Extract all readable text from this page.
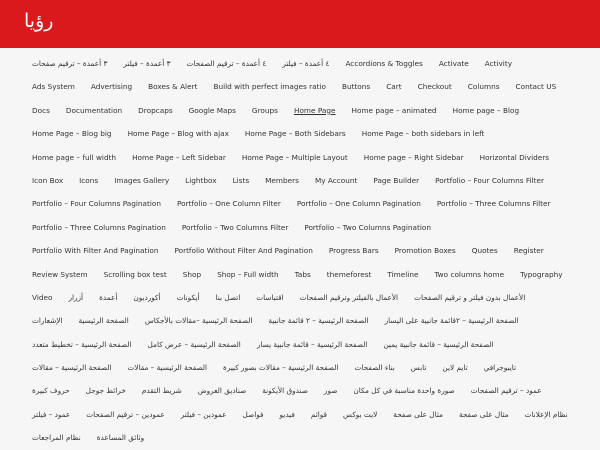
رؤيا
٣ أعمدة – ترقيم صفحات	٣ أعمدة – فيلتر	٤ أعمدة – ترقيم الصفحات	٤ أعمدة – فيلتر	Accordions & Toggles	Activate	Activity
Ads System	Advertising	Boxes & Alert	Build with perfect images ratio	Buttons	Cart	Checkout	Columns	Contact US
Docs	Documentation	Dropcaps	Google Maps	Groups	Home Page	Home page – animated	Home page – Blog
Home Page – Blog big	Home Page – Blog with ajax	Home Page – Both Sidebars	Home Page – both sidebars in left
Home page – full width	Home Page – Left Sidebar	Home Page – Multiple Layout	Home page – Right Sidebar	Horizontal Dividers
Icon Box	Icons	Images Gallery	Lightbox	Lists	Members	My Account	Page Builder	Portfolio – Four Columns Filter
Portfolio – Four Columns Pagination	Portfolio – One Column Filter	Portfolio – One Column Pagination	Portfolio – Three Columns Filter
Portfolio – Three Columns Pagination	Portfolio – Two Columns Filter	Portfolio – Two Columns Pagination
Portfolio With Filter And Pagination	Portfolio Without Filter And Pagination	Progress Bars	Promotion Boxes	Quotes	Register
Review System	Scrolling box test	Shop	Shop – Full width	Tabs	themeforest	Timeline	Two columns home	Typography
Video	أزرار	أعمدة	أكورديون	أيكونات	اتصل بنا	اقتباسات	الأعمال بالفيلتر وترقيم الصفحات	الأعمال بدون فيلتر و ترقيم الصفحات
الإشعارات	الصفحة الرئيسية	الصفحة الرئيسية –مقالات بالأجكاس	الصفحة الرئيسية – ٢ قائمة جانبية	الصفحة الرئيسية – ٢قائمة جانبية على اليسار
الصفحة الرئيسية – تخطيط متعدد	الصفحة الرئيسية – عرض كامل	الصفحة الرئيسية – قائمة جانبية يسار	الصفحة الرئيسية – قائمة جانبية يمين
الصفحة الرئيسية – مقالات	الصفحة الرئيسية – مقالات	الصفحة الرئيسية – مقالات بصور كبيرة	بناء الصفحات	تابس	تايم لاين	تايبوجرافي
حروف كبيرة	خرائط جوجل	شريط التقدم	صناديق العروض	صندوق الأيكونة	صور	صورة واحدة مناسبة في كل مكان	عمود – ترقيم الصفحات
عمود – فيلتر	عمودين – ترقيم الصفحات	عمودين – فيلتر	فواصل	فيديو	قوائم	لايت بوكس	مثال على صفحة	مثال على صفحة	نظام الإعلانات
نظام المراجعات	وثائق المساعدة
